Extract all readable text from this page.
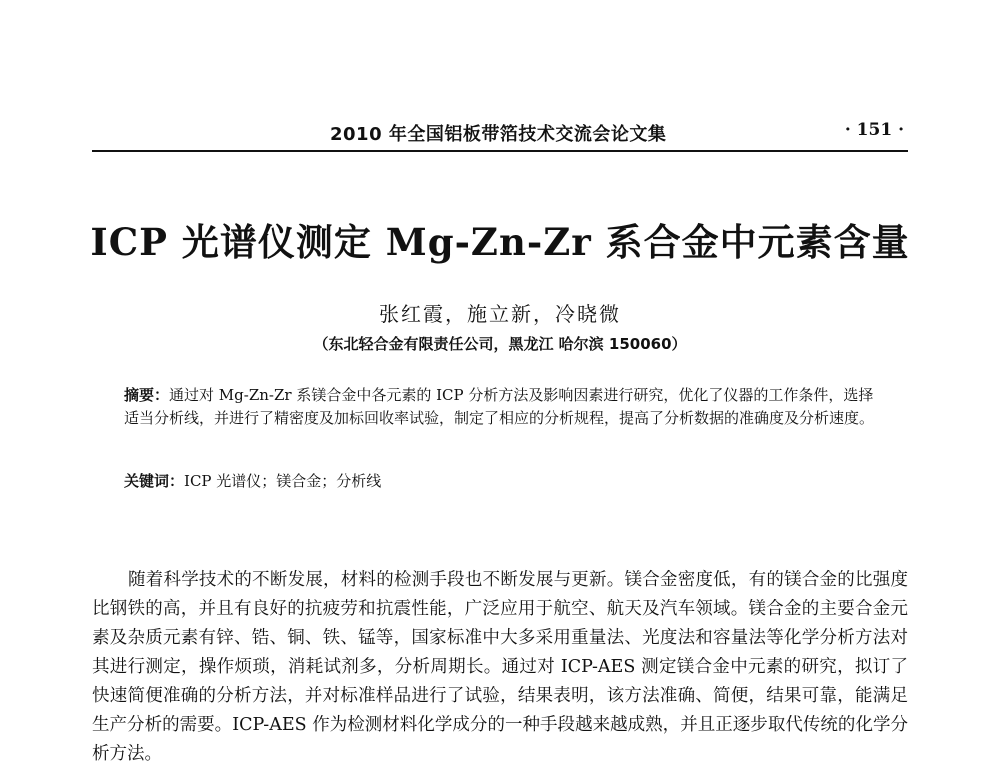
2010 年全国铝板带箔技术交流会论文集	· 151 ·
ICP 光谱仪测定 Mg-Zn-Zr 系合金中元素含量
张红霞，施立新，冷晓微
（东北轻合金有限责任公司，黑龙江 哈尔滨 150060）
摘要：通过对 Mg-Zn-Zr 系镁合金中各元素的 ICP 分析方法及影响因素进行研究，优化了仪器的工作条件，选择适当分析线，并进行了精密度及加标回收率试验，制定了相应的分析规程，提高了分析数据的准确度及分析速度。
关键词：ICP 光谱仪；镁合金；分析线

随着科学技术的不断发展，材料的检测手段也不断发展与更新。镁合金密度低，有的镁合金的比强度比钢铁的高，并且有良好的抗疲劳和抗震性能，广泛应用于航空、航天及汽车领域。镁合金的主要合金元素及杂质元素有锌、锆、铜、铁、锰等，国家标准中大多采用重量法、光度法和容量法等化学分析方法对其进行测定，操作烦琐，消耗试剂多，分析周期长。通过对 ICP-AES 测定镁合金中元素的研究，拟订了快速简便准确的分析方法，并对标准样品进行了试验，结果表明，该方法准确、简便，结果可靠，能满足生产分析的需要。ICP-AES 作为检测材料化学成分的一种手段越来越成熟，并且正逐步取代传统的化学分析方法。
